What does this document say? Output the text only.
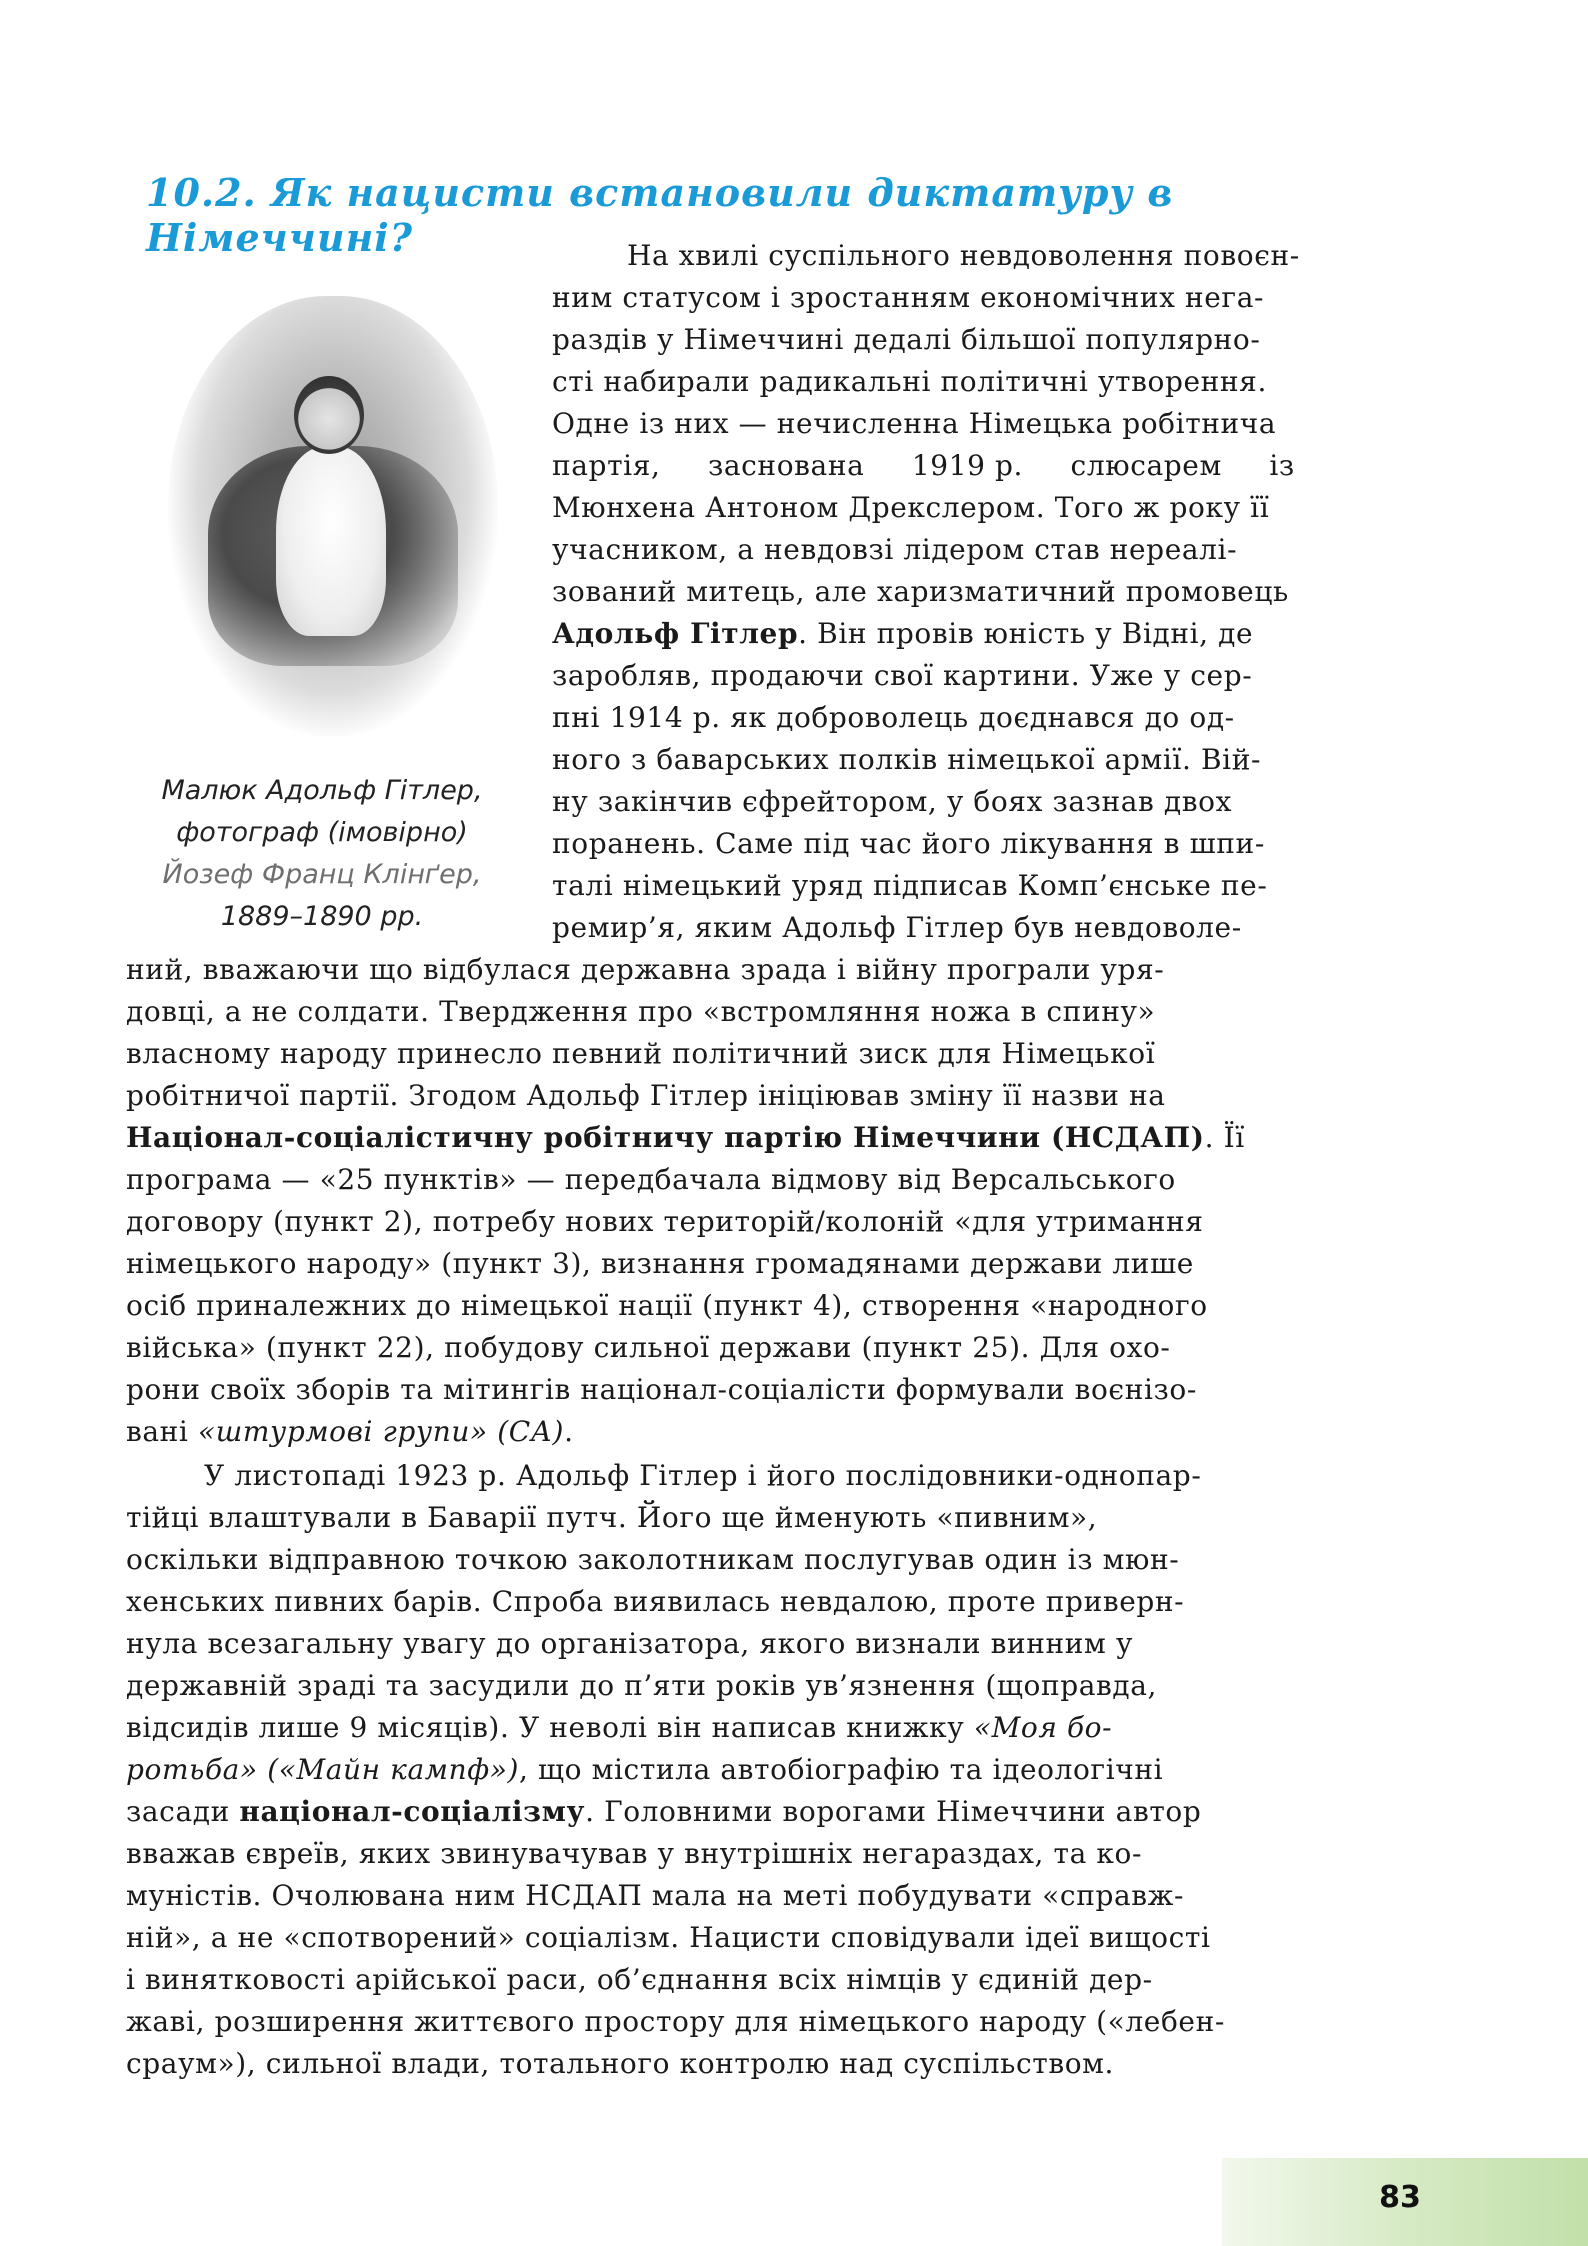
10.2. Як нацисти встановили диктатуру в Німеччині?
Малюк Адольф Гітлер,
фотограф (імовірно)
Йозеф Франц Клінґер,
1889–1890 рр.
На хвилі суспільного невдоволення повоєн-
ним статусом і зростанням економічних нега-
раздів у Німеччині дедалі більшої популярно-
сті набирали радикальні політичні утворення.
Одне із них — нечисленна Німецька робітнича
партія,     заснована     1919 р.     слюсарем     із
Мюнхена Антоном Дрекслером. Того ж року її
учасником, а невдовзі лідером став нереалі-
зований митець, але харизматичний промовець
Адольф Гітлер. Він провів юність у Відні, де
заробляв, продаючи свої картини. Уже у сер-
пні 1914 р. як доброволець доєднався до од-
ного з баварських полків німецької армії. Вій-
ну закінчив єфрейтором, у боях зазнав двох
поранень. Саме під час його лікування в шпи-
талі німецький уряд підписав Комп’єнське пе-
ремир’я, яким Адольф Гітлер був невдоволе-
ний, вважаючи що відбулася державна зрада і війну програли уря-
довці, а не солдати. Твердження про «встромляння ножа в спину»
власному народу принесло певний політичний зиск для Німецької
робітничої партії. Згодом Адольф Гітлер ініціював зміну її назви на
Націонал-соціалістичну робітничу партію Німеччини (НСДАП). Її
програма — «25 пунктів» — передбачала відмову від Версальського
договору (пункт 2), потребу нових територій/колоній «для утримання
німецького народу» (пункт 3), визнання громадянами держави лише
осіб приналежних до німецької нації (пункт 4), створення «народного
війська» (пункт 22), побудову сильної держави (пункт 25). Для охо-
рони своїх зборів та мітингів націонал-соціалісти формували воєнізо-
вані «штурмові групи» (СА).
У листопаді 1923 р. Адольф Гітлер і його послідовники-однопар-
тійці влаштували в Баварії путч. Його ще йменують «пивним»,
оскільки відправною точкою заколотникам послугував один із мюн-
хенських пивних барів. Спроба виявилась невдалою, проте приверн-
нула всезагальну увагу до організатора, якого визнали винним у
державній зраді та засудили до п’яти років ув’язнення (щоправда,
відсидів лише 9 місяців). У неволі він написав книжку «Моя бо-
ротьба» («Майн кампф»), що містила автобіографію та ідеологічні
засади націонал-соціалізму. Головними ворогами Німеччини автор
вважав євреїв, яких звинувачував у внутрішніх негараздах, та ко-
муністів. Очолювана ним НСДАП мала на меті побудувати «справж-
ній», а не «спотворений» соціалізм. Нацисти сповідували ідеї вищості
і винятковості арійської раси, об’єднання всіх німців у єдиній дер-
жаві, розширення життєвого простору для німецького народу («лебен-
сраум»), сильної влади, тотального контролю над суспільством.
83
